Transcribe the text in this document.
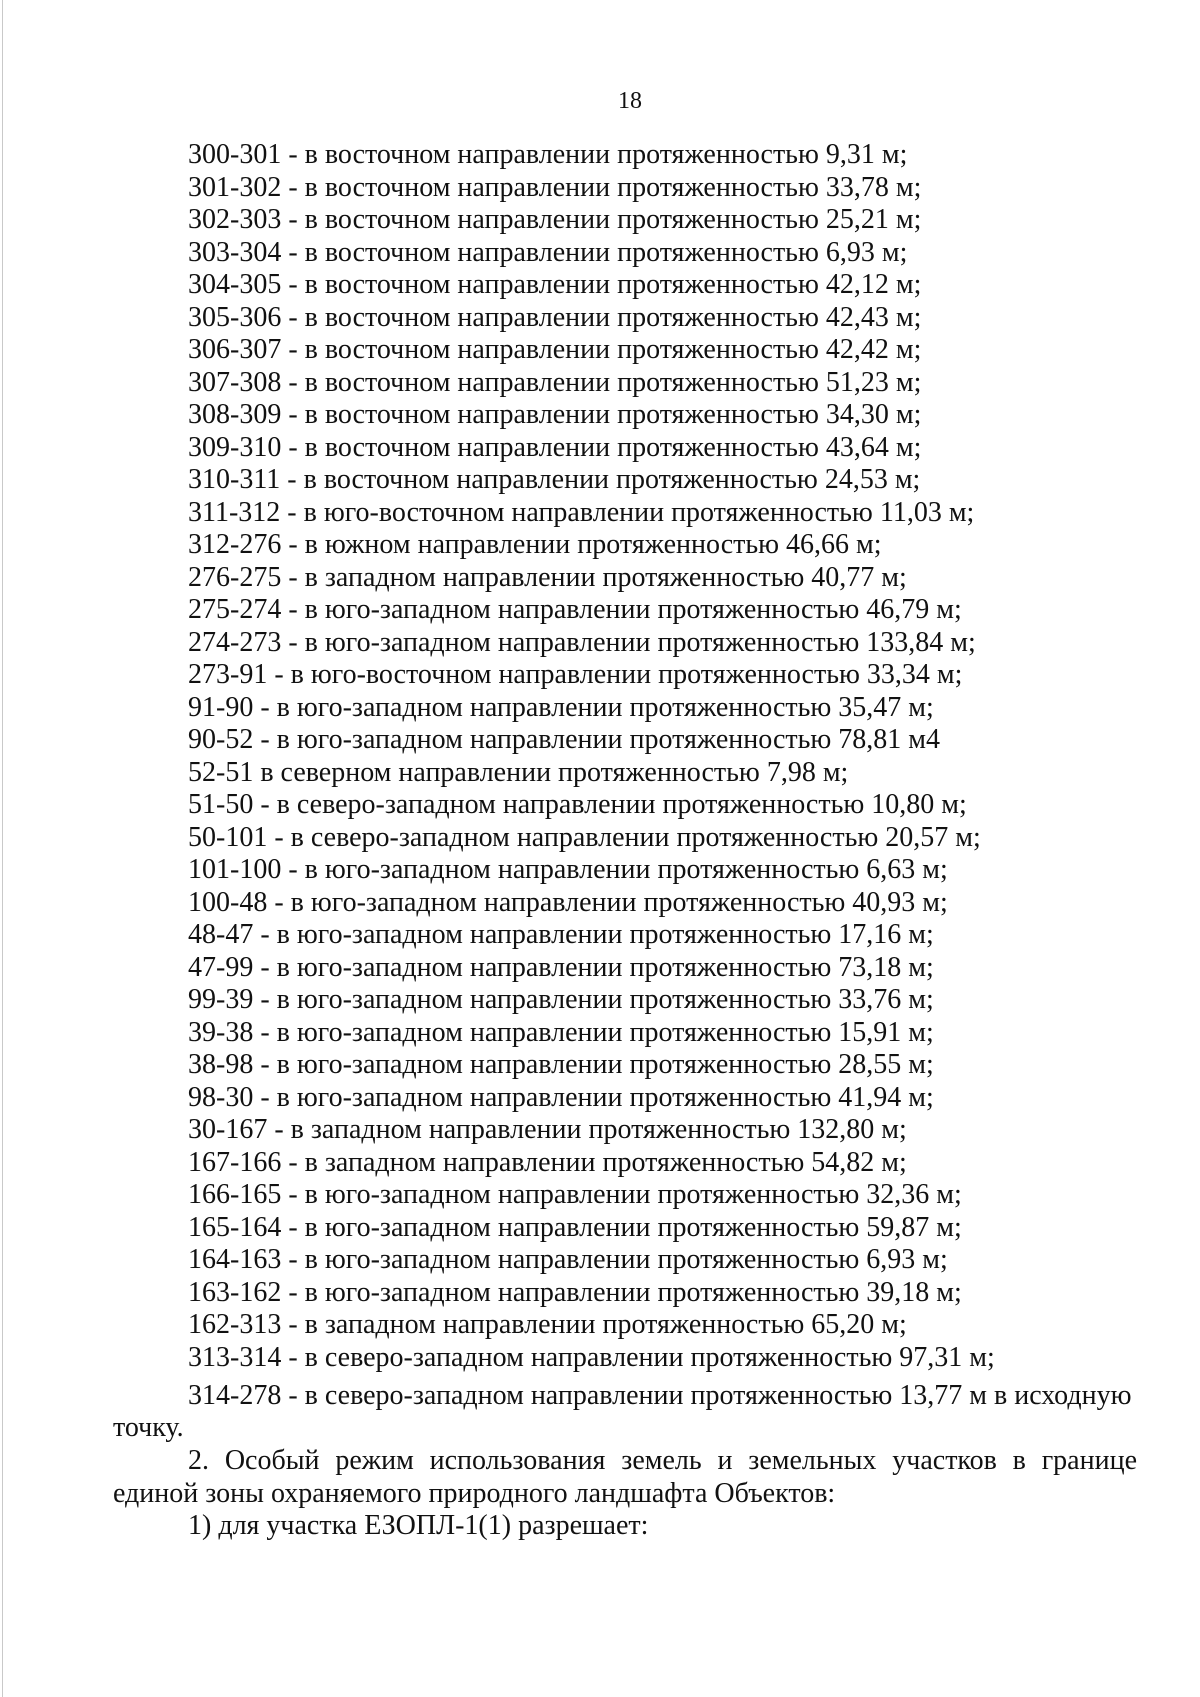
18
300-301 - в восточном направлении протяженностью 9,31 м;
301-302 - в восточном направлении протяженностью 33,78 м;
302-303 - в восточном направлении протяженностью 25,21 м;
303-304 - в восточном направлении протяженностью 6,93 м;
304-305 - в восточном направлении протяженностью 42,12 м;
305-306 - в восточном направлении протяженностью 42,43 м;
306-307 - в восточном направлении протяженностью 42,42 м;
307-308 - в восточном направлении протяженностью 51,23 м;
308-309 - в восточном направлении протяженностью 34,30 м;
309-310 - в восточном направлении протяженностью 43,64 м;
310-311 - в восточном направлении протяженностью 24,53 м;
311-312 - в юго-восточном направлении протяженностью 11,03 м;
312-276 - в южном направлении протяженностью 46,66 м;
276-275 - в западном направлении протяженностью 40,77 м;
275-274 - в юго-западном направлении протяженностью 46,79 м;
274-273 - в юго-западном направлении протяженностью 133,84 м;
273-91 - в юго-восточном направлении протяженностью 33,34 м;
91-90 - в юго-западном направлении протяженностью 35,47 м;
90-52 - в юго-западном направлении протяженностью 78,81 м4
52-51 в северном направлении протяженностью 7,98 м;
51-50 - в северо-западном направлении протяженностью 10,80 м;
50-101 - в северо-западном направлении протяженностью 20,57 м;
101-100 - в юго-западном направлении протяженностью 6,63 м;
100-48 - в юго-западном направлении протяженностью 40,93 м;
48-47 - в юго-западном направлении протяженностью 17,16 м;
47-99 - в юго-западном направлении протяженностью 73,18 м;
99-39 - в юго-западном направлении протяженностью 33,76 м;
39-38 - в юго-западном направлении протяженностью 15,91 м;
38-98 - в юго-западном направлении протяженностью 28,55 м;
98-30 - в юго-западном направлении протяженностью 41,94 м;
30-167 - в западном направлении протяженностью 132,80 м;
167-166 - в западном направлении протяженностью 54,82 м;
166-165 - в юго-западном направлении протяженностью 32,36 м;
165-164 - в юго-западном направлении протяженностью 59,87 м;
164-163 - в юго-западном направлении протяженностью 6,93 м;
163-162 - в юго-западном направлении протяженностью 39,18 м;
162-313 - в западном направлении протяженностью 65,20 м;
313-314 - в северо-западном направлении протяженностью 97,31 м;
314-278 - в северо-западном направлении протяженностью 13,77 м в исходную
точку.
2. Особый режим использования земель и земельных участков в границе единой зоны охраняемого природного ландшафта Объектов:
1) для участка ЕЗОПЛ-1(1) разрешает:
